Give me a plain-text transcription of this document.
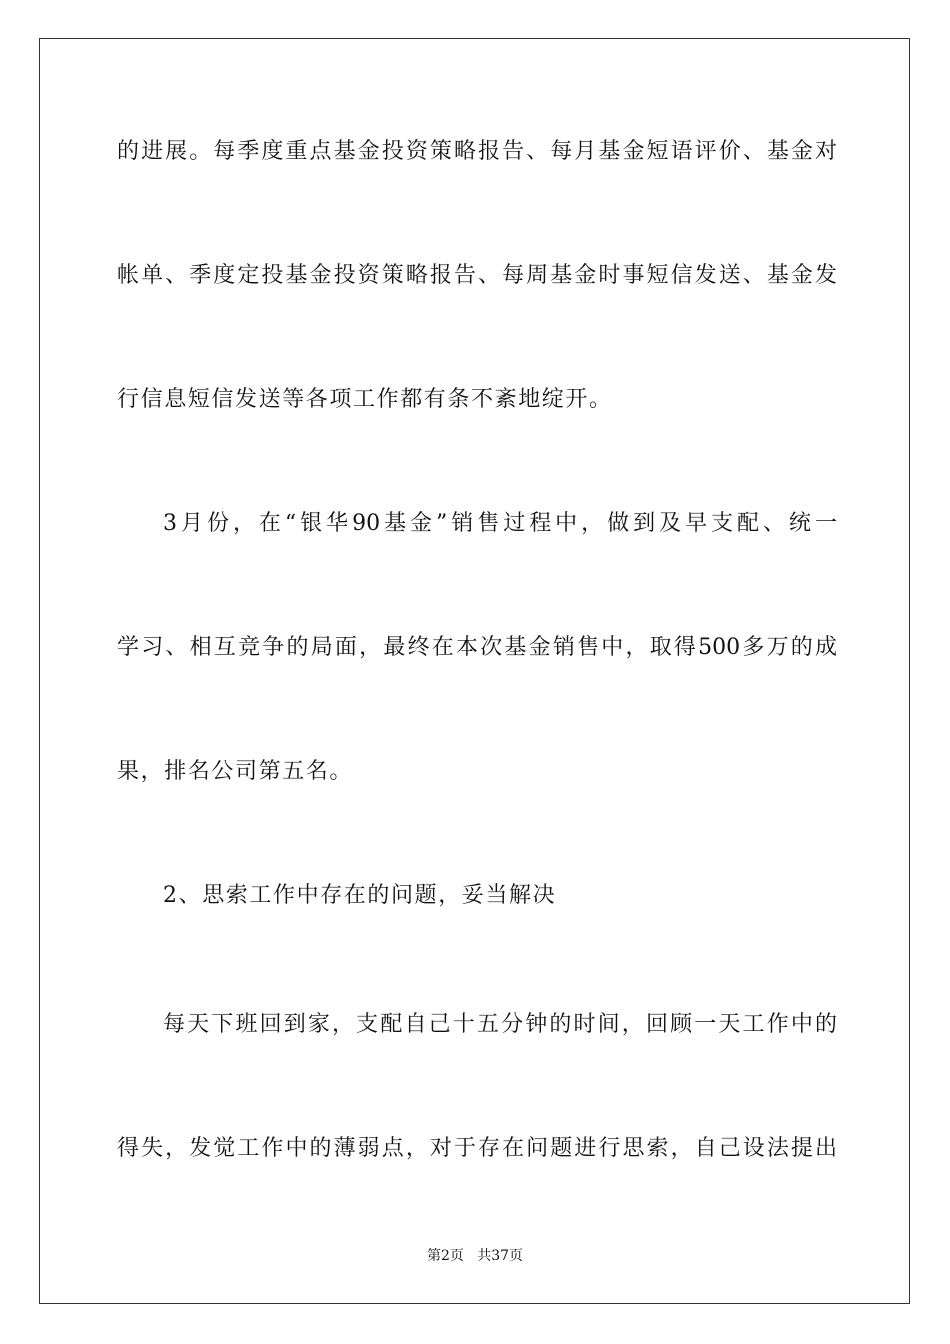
的进展。每季度重点基金投资策略报告、每月基金短语评价、基金对
帐单、季度定投基金投资策略报告、每周基金时事短信发送、基金发
行信息短信发送等各项工作都有条不紊地绽开。
3月份，在“银华90基金”销售过程中，做到及早支配、统一
学习、相互竞争的局面，最终在本次基金销售中，取得500多万的成
果，排名公司第五名。
2、思索工作中存在的问题，妥当解决
每天下班回到家，支配自己十五分钟的时间，回顾一天工作中的
得失，发觉工作中的薄弱点，对于存在问题进行思索，自己设法提出
第2页   共37页
